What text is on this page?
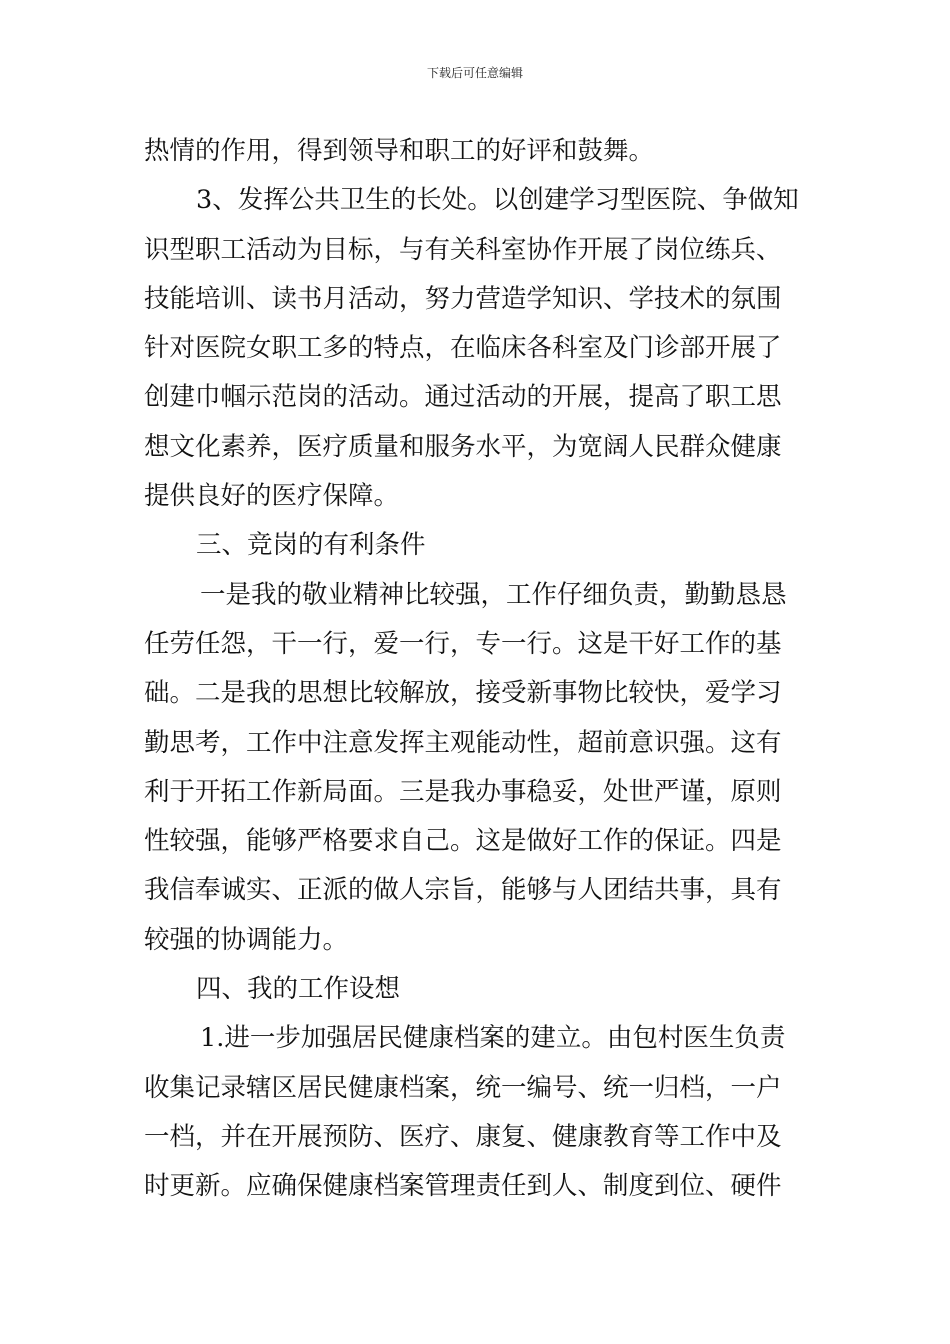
下载后可任意编辑
热情的作用，得到领导和职工的好评和鼓舞。
3、发挥公共卫生的长处。以创建学习型医院、争做知
识型职工活动为目标，与有关科室协作开展了岗位练兵、
技能培训、读书月活动，努力营造学知识、学技术的氛围
针对医院女职工多的特点，在临床各科室及门诊部开展了
创建巾帼示范岗的活动。通过活动的开展，提高了职工思
想文化素养，医疗质量和服务水平，为宽阔人民群众健康
提供良好的医疗保障。
三、竞岗的有利条件
一是我的敬业精神比较强，工作仔细负责，勤勤恳恳
任劳任怨，干一行，爱一行，专一行。这是干好工作的基
础。二是我的思想比较解放，接受新事物比较快，爱学习
勤思考，工作中注意发挥主观能动性，超前意识强。这有
利于开拓工作新局面。三是我办事稳妥，处世严谨，原则
性较强，能够严格要求自己。这是做好工作的保证。四是
我信奉诚实、正派的做人宗旨，能够与人团结共事，具有
较强的协调能力。
四、我的工作设想
1.进一步加强居民健康档案的建立。由包村医生负责
收集记录辖区居民健康档案，统一编号、统一归档，一户
一档，并在开展预防、医疗、康复、健康教育等工作中及
时更新。应确保健康档案管理责任到人、制度到位、硬件
